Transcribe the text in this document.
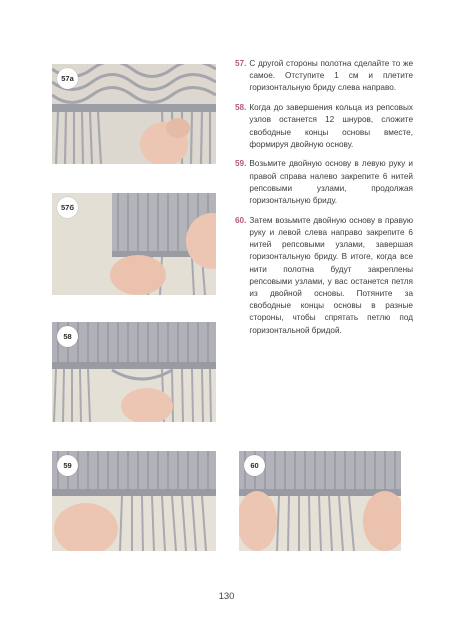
57а
57б
58
59	60
57. С другой стороны полотна сделайте то же самое. Отступите 1 см и плетите горизонтальную бриду слева направо.
58. Когда до завершения кольца из репсовых узлов останется 12 шнуров, сложите свободные концы основы вместе, формируя двойную основу.
59. Возьмите двойную основу в левую руку и правой справа налево закрепите 6 нитей репсовыми узлами, продолжая горизонтальную бриду.
60. Затем возьмите двойную основу в правую руку и левой слева направо закрепите 6 нитей репсовыми узлами, завершая горизонтальную бриду. В итоге, когда все нити полотна будут закреплены репсовыми узлами, у вас останется петля из двойной основы. Потяните за свободные концы основы в разные стороны, чтобы спрятать петлю под горизонтальной бридой.
130
